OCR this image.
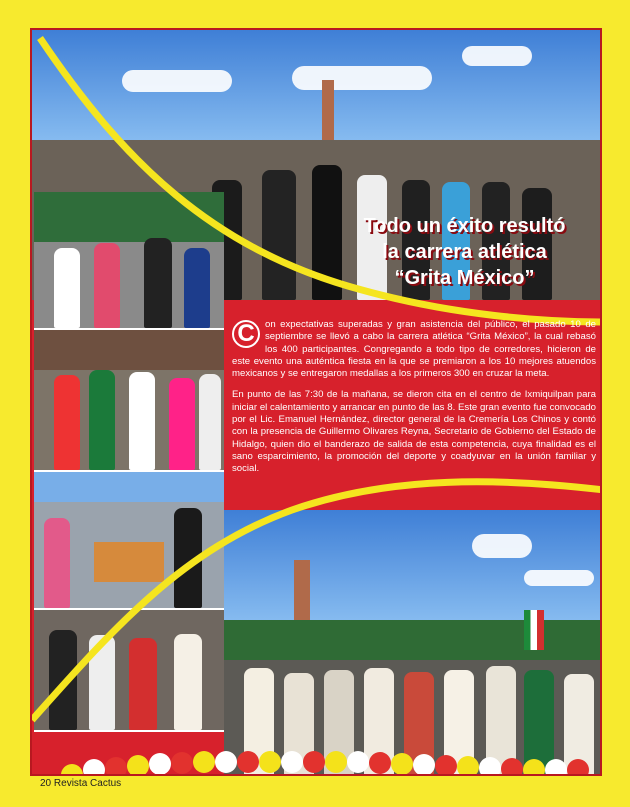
Todo un éxito resultó
la carrera atlética
“Grita México”

C	on expectativas superadas y gran asistencia del público, el pasado 10 de septiembre se llevó a cabo la carrera atlética “Grita México”, la cual rebasó los 400 participantes. Congregando a todo tipo de corredores, hicieron de este evento una auténtica fiesta en la que se premiaron a los 10 mejores atuendos mexicanos y se entregaron medallas a los primeros 300 en cruzar la meta.

En punto de las 7:30 de la mañana, se dieron cita en el centro de Ixmiquilpan para iniciar el calentamiento y arrancar en punto de las 8. Este gran evento fue convocado por el Lic. Emanuel Hernández, director general de la Cremería Los Chinos y contó con la presencia de Guillermo Olivares Reyna, Secretario de Gobierno del Estado de Hidalgo, quien dio el banderazo de salida de esta competencia, cuya finalidad es el sano esparcimiento, la promoción del deporte y coadyuvar en la unión familiar y social.

20 Revista Cactus
